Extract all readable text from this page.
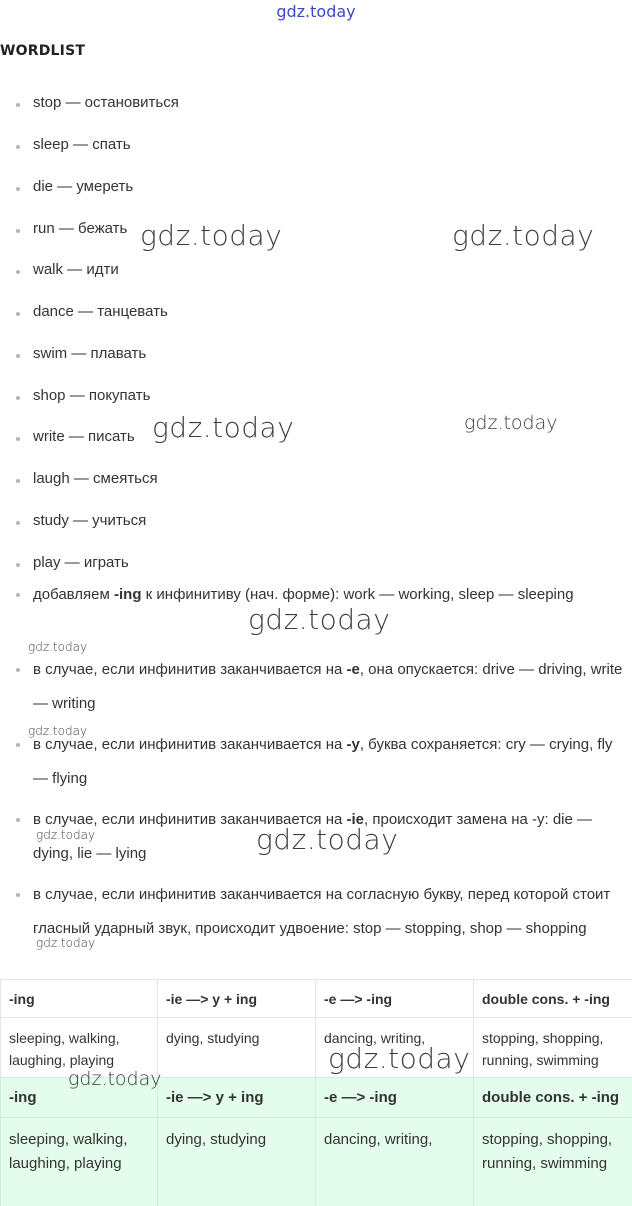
gdz.today
WORDLIST
stop — остановиться
sleep — спать
die — умереть
run — бежать
walk — идти
dance — танцевать
swim — плавать
shop — покупать
write — писать
laugh — смеяться
study — учиться
play — играть
добавляем -ing к инфинитиву (нач. форме): work — working, sleep — sleeping
в случае, если инфинитив заканчивается на -e, она опускается: drive — driving, write — writing
в случае, если инфинитив заканчивается на -y, буква сохраняется: cry — crying, fly — flying
в случае, если инфинитив заканчивается на -ie, происходит замена на -y: die — dying, lie — lying
в случае, если инфинитив заканчивается на согласную букву, перед которой стоит гласный ударный звук, происходит удвоение: stop — stopping, shop — shopping
-ing	-ie —> y + ing	-e —> -ing	double cons. + -ing
sleeping, walking, laughing, playing	dying, studying	dancing, writing,	stopping, shopping, running, swimming
-ing	-ie —> y + ing	-e —> -ing	double cons. + -ing
sleeping, walking, laughing, playing	dying, studying	dancing, writing,	stopping, shopping, running, swimming
gdz.today	gdz.today
gdz.today	gdz.today
gdz.today
gdz.today
gdz.today
gdz.today
gdz.today
gdz.today
gdz.today
gdz.today
